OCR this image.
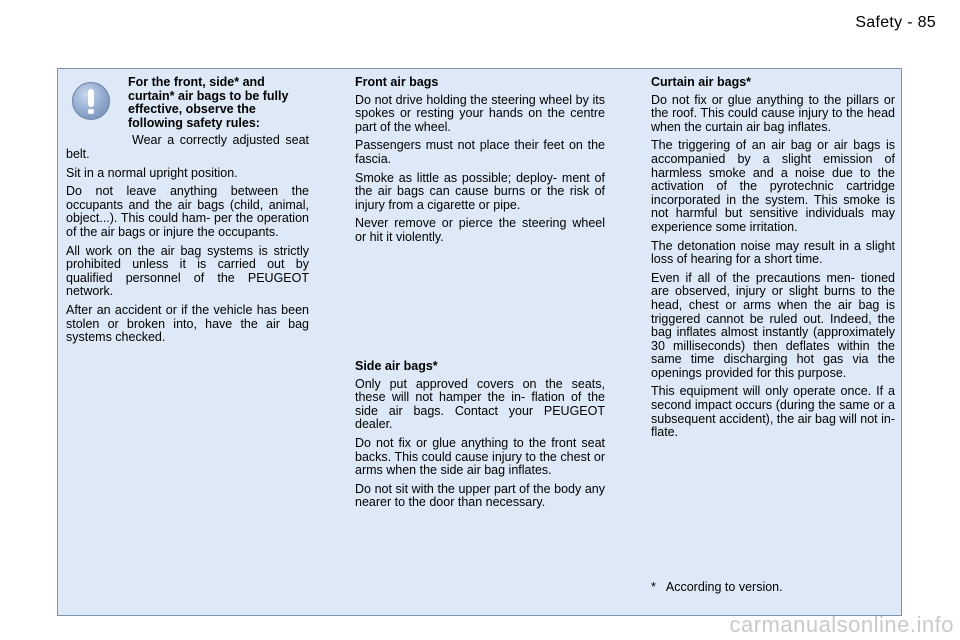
Safety - 85
For the front, side* and curtain* air bags to be fully effective, observe the following safety rules:

Wear a correctly adjusted seat belt.

Sit in a normal upright position.

Do not leave anything between the occupants and the air bags (child, animal, object...). This could ham- per the operation of the air bags or injure the occupants.

All work on the air bag systems is strictly prohibited unless it is carried out by qualified personnel of the PEUGEOT network.

After an accident or if the vehicle has been stolen or broken into, have the air bag systems checked.

Front air bags

Do not drive holding the steering wheel by its spokes or resting your hands on the centre part of the wheel.

Passengers must not place their feet on the fascia.

Smoke as little as possible; deploy- ment of the air bags can cause burns or the risk of injury from a cigarette or pipe.

Never remove or pierce the steering wheel or hit it violently.

Side air bags*

Only put approved covers on the seats, these will not hamper the in- flation of the side air bags. Contact your PEUGEOT dealer.

Do not fix or glue anything to the front seat backs. This could cause injury to the chest or arms when the side air bag inflates.

Do not sit with the upper part of the body any nearer to the door than necessary.

Curtain air bags*

Do not fix or glue anything to the pillars or the roof. This could cause injury to the head when the curtain air bag inflates.

The triggering of an air bag or air bags is accompanied by a slight emission of harmless smoke and a noise due to the activation of the pyrotechnic cartridge incorporated in the system. This smoke is not harmful but sensitive individuals may experience some irritation.

The detonation noise may result in a slight loss of hearing for a short time.

Even if all of the precautions men- tioned are observed, injury or slight burns to the head, chest or arms when the air bag is triggered cannot be ruled out. Indeed, the bag inflates almost instantly (approximately 30 milliseconds) then deflates within the same time discharging hot gas via the openings provided for this purpose.

This equipment will only operate once. If a second impact occurs (during the same or a subsequent accident), the air bag will not in- flate.

* According to version.
carmanualsonline.info
